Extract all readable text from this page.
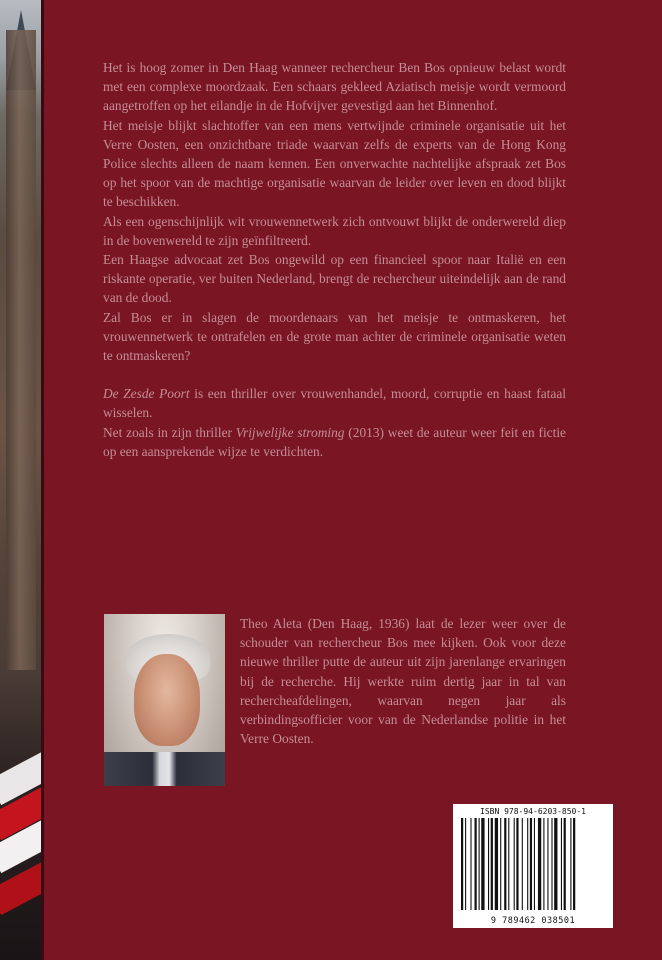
Het is hoog zomer in Den Haag wanneer rechercheur Ben Bos opnieuw belast wordt met een complexe moordzaak. Een schaars gekleed Aziatisch meisje wordt vermoord aangetroffen op het eilandje in de Hofvijver gevestigd aan het Binnenhof.

Het meisje blijkt slachtoffer van een mens vertwijnde criminele organisatie uit het Verre Oosten, een onzichtbare triade waarvan zelfs de experts van de Hong Kong Police slechts alleen de naam kennen. Een onverwachte nachtelijke afspraak zet Bos op het spoor van de machtige organisatie waarvan de leider over leven en dood blijkt te beschikken.

Als een ogenschijnlijk wit vrouwennetwerk zich ontvouwt blijkt de onderwereld diep in de bovenwereld te zijn geïnfiltreerd.

Een Haagse advocaat zet Bos ongewild op een financieel spoor naar Italië en een riskante operatie, ver buiten Nederland, brengt de rechercheur uiteindelijk aan de rand van de dood.

Zal Bos er in slagen de moordenaars van het meisje te ontmaskeren, het vrouwennetwerk te ontrafelen en de grote man achter de criminele organisatie weten te ontmaskeren?

De Zesde Poort is een thriller over vrouwenhandel, moord, corruptie en haast fataal wisselen.

Net zoals in zijn thriller Vrijwelijke stroming (2013) weet de auteur weer feit en fictie op een aansprekende wijze te verdichten.

Theo Aleta (Den Haag, 1936) laat de lezer weer over de schouder van rechercheur Bos mee kijken. Ook voor deze nieuwe thriller putte de auteur uit zijn jarenlange ervaringen bij de recherche. Hij werkte ruim dertig jaar in tal van rechercheafdelingen, waarvan negen jaar als verbindingsofficier voor van de Nederlandse politie in het Verre Oosten.

ISBN 978-94-6203-850-1
9 789462 038501
